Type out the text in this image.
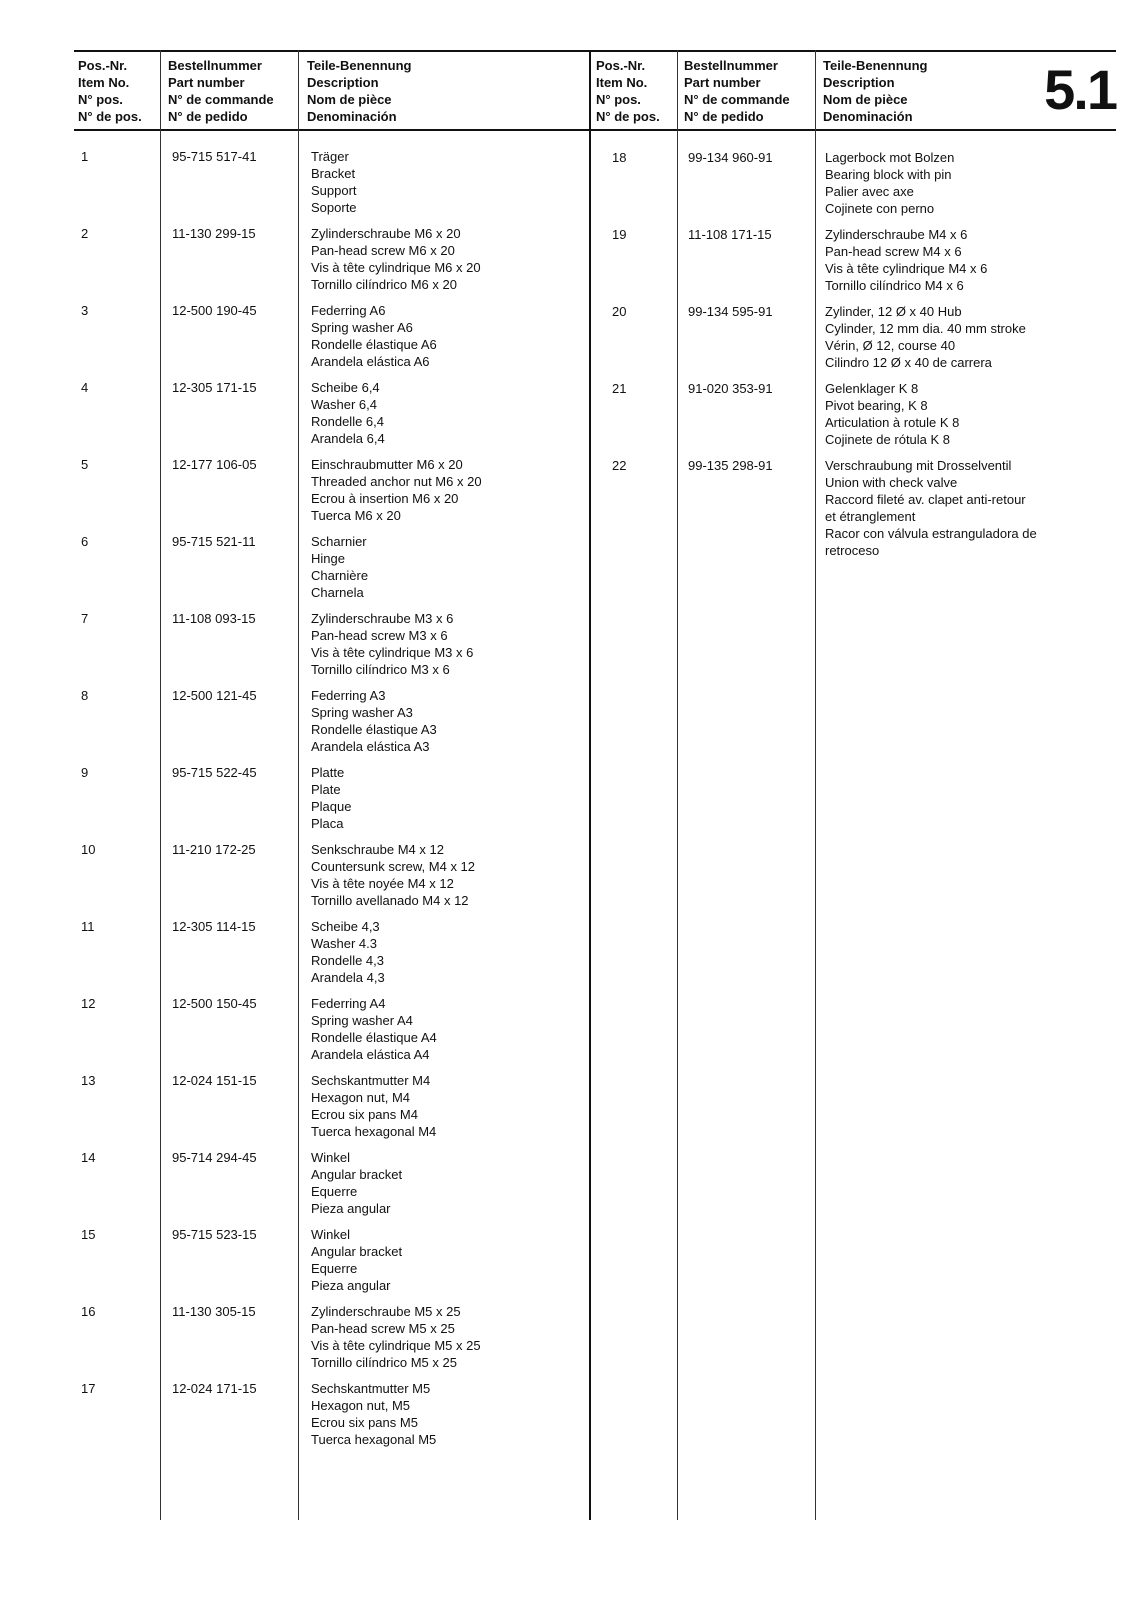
Pos.-Nr.
Item No.
N° pos.
N° de pos.
Bestellnummer
Part number
N° de commande
N° de pedido
Teile-Benennung
Description
Nom de pièce
Denominación
Pos.-Nr.
Item No.
N° pos.
N° de pos.
Bestellnummer
Part number
N° de commande
N° de pedido
Teile-Benennung
Description
Nom de pièce
Denominación 5.1
1	95-715 517-41	Träger
Bracket
Support
Soporte
2	11-130 299-15	Zylinderschraube M6 x 20
Pan-head screw M6 x 20
Vis à tête cylindrique M6 x 20
Tornillo cilíndrico M6 x 20
3	12-500 190-45	Federring A6
Spring washer A6
Rondelle élastique A6
Arandela elástica A6
4	12-305 171-15	Scheibe 6,4
Washer 6,4
Rondelle 6,4
Arandela 6,4
5	12-177 106-05	Einschraubmutter M6 x 20
Threaded anchor nut M6 x 20
Ecrou à insertion M6 x 20
Tuerca M6 x 20
6	95-715 521-11	Scharnier
Hinge
Charnière
Charnela
7	11-108 093-15	Zylinderschraube M3 x 6
Pan-head screw M3 x 6
Vis à tête cylindrique M3 x 6
Tornillo cilíndrico M3 x 6
8	12-500 121-45	Federring A3
Spring washer A3
Rondelle élastique A3
Arandela elástica A3
9	95-715 522-45	Platte
Plate
Plaque
Placa
10	11-210 172-25	Senkschraube M4 x 12
Countersunk screw, M4 x 12
Vis à tête noyée M4 x 12
Tornillo avellanado M4 x 12
11	12-305 114-15	Scheibe 4,3
Washer 4.3
Rondelle 4,3
Arandela 4,3
12	12-500 150-45	Federring A4
Spring washer A4
Rondelle élastique A4
Arandela elástica A4
13	12-024 151-15	Sechskantmutter M4
Hexagon nut, M4
Ecrou six pans M4
Tuerca hexagonal M4
14	95-714 294-45	Winkel
Angular bracket
Equerre
Pieza angular
15	95-715 523-15	Winkel
Angular bracket
Equerre
Pieza angular
16	11-130 305-15	Zylinderschraube M5 x 25
Pan-head screw M5 x 25
Vis à tête cylindrique M5 x 25
Tornillo cilíndrico M5 x 25
17	12-024 171-15	Sechskantmutter M5
Hexagon nut, M5
Ecrou six pans M5
Tuerca hexagonal M5
18	99-134 960-91	Lagerbock mot Bolzen
Bearing block with pin
Palier avec axe
Cojinete con perno
19	11-108 171-15	Zylinderschraube M4 x 6
Pan-head screw M4 x 6
Vis à tête cylindrique M4 x 6
Tornillo cilíndrico M4 x 6
20	99-134 595-91	Zylinder, 12 Ø x 40 Hub
Cylinder, 12 mm dia. 40 mm stroke
Vérin, Ø 12, course 40
Cilindro 12 Ø x 40 de carrera
21	91-020 353-91	Gelenklager K 8
Pivot bearing, K 8
Articulation à rotule K 8
Cojinete de rótula K 8
22	99-135 298-91	Verschraubung mit Drosselventil
Union with check valve
Raccord fileté av. clapet anti-retour
et étranglement
Racor con válvula estranguladora de
retroceso
